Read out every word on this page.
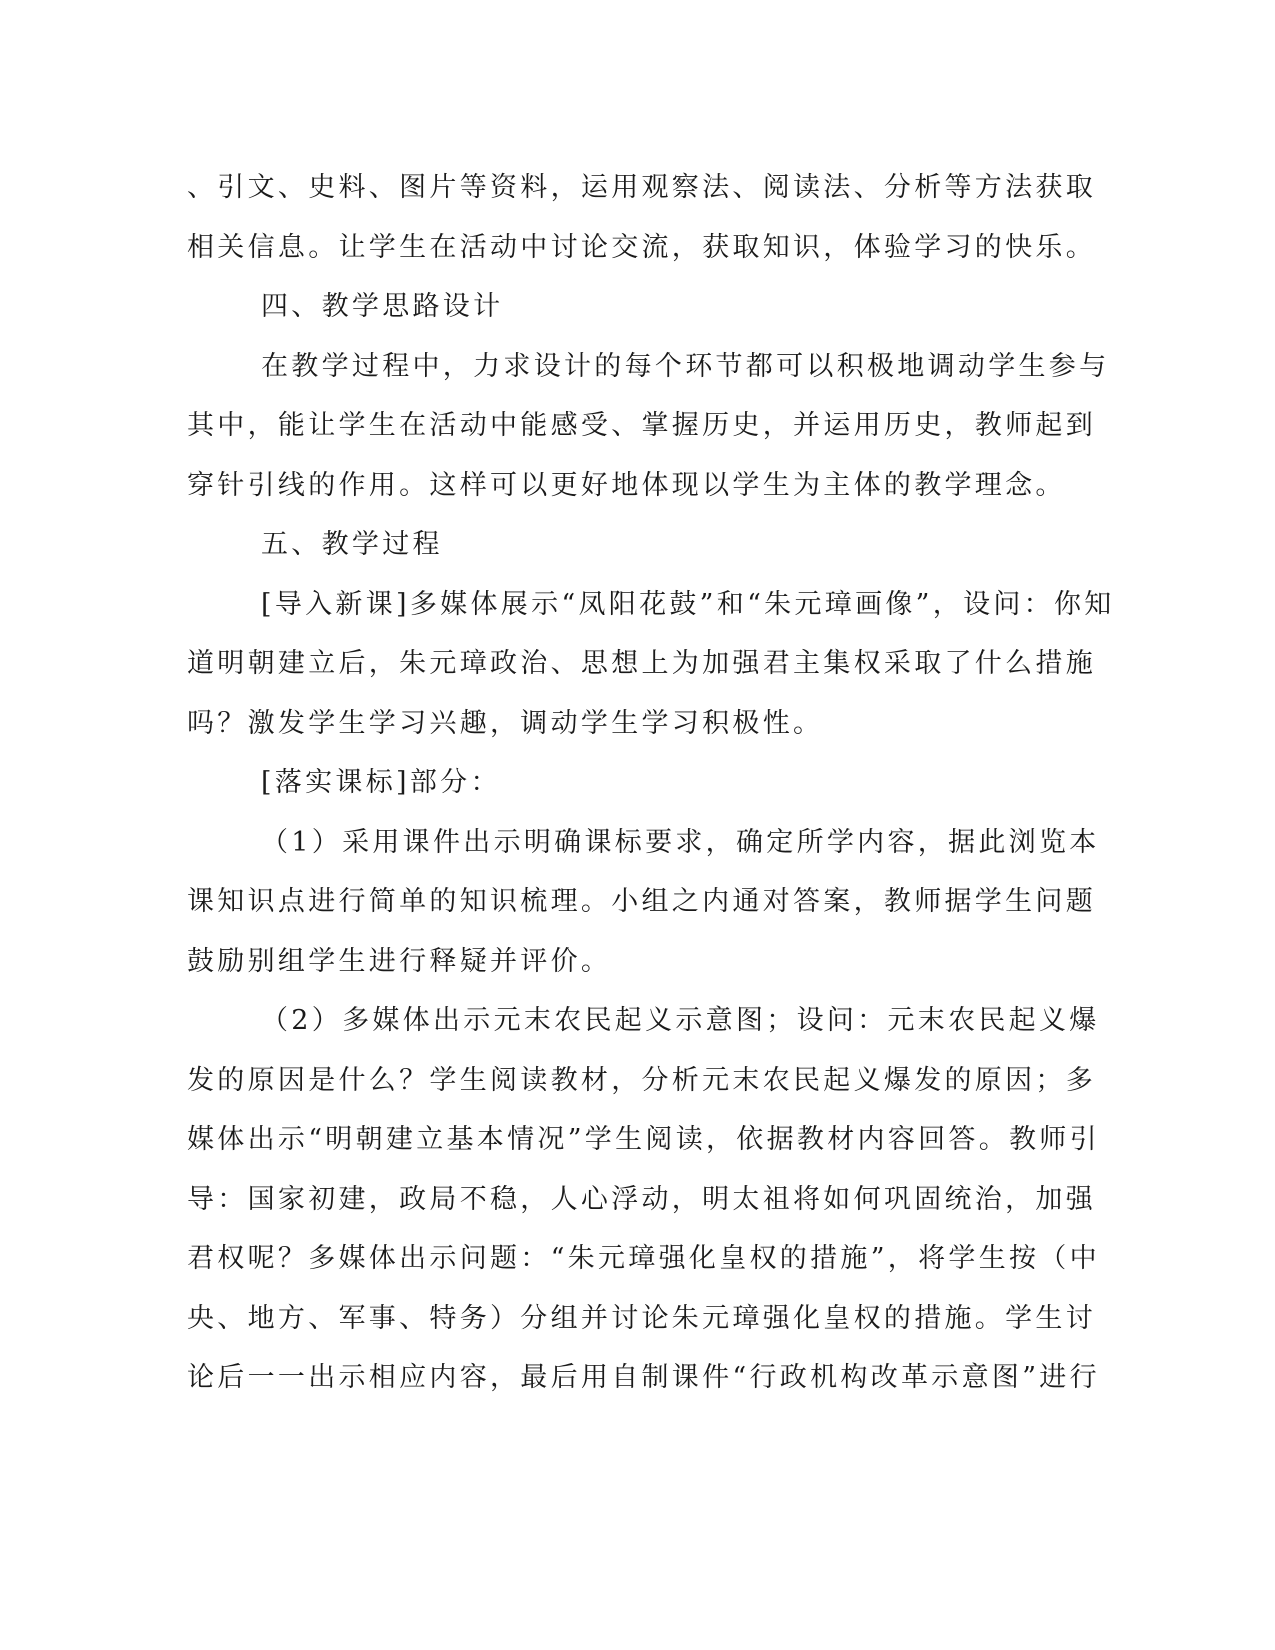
、引文、史料、图片等资料，运用观察法、阅读法、分析等方法获取
相关信息。让学生在活动中讨论交流，获取知识，体验学习的快乐。
四、教学思路设计
在教学过程中，力求设计的每个环节都可以积极地调动学生参与
其中，能让学生在活动中能感受、掌握历史，并运用历史，教师起到
穿针引线的作用。这样可以更好地体现以学生为主体的教学理念。
五、教学过程
[导入新课]多媒体展示“凤阳花鼓”和“朱元璋画像”，设问：你知
道明朝建立后，朱元璋政治、思想上为加强君主集权采取了什么措施
吗？激发学生学习兴趣，调动学生学习积极性。
[落实课标]部分：
（1）采用课件出示明确课标要求，确定所学内容，据此浏览本
课知识点进行简单的知识梳理。小组之内通对答案，教师据学生问题
鼓励别组学生进行释疑并评价。
（2）多媒体出示元末农民起义示意图；设问：元末农民起义爆
发的原因是什么？学生阅读教材，分析元末农民起义爆发的原因；多
媒体出示“明朝建立基本情况”学生阅读，依据教材内容回答。教师引
导：国家初建，政局不稳，人心浮动，明太祖将如何巩固统治，加强
君权呢？多媒体出示问题：“朱元璋强化皇权的措施”，将学生按（中
央、地方、军事、特务）分组并讨论朱元璋强化皇权的措施。学生讨
论后一一出示相应内容，最后用自制课件“行政机构改革示意图”进行
